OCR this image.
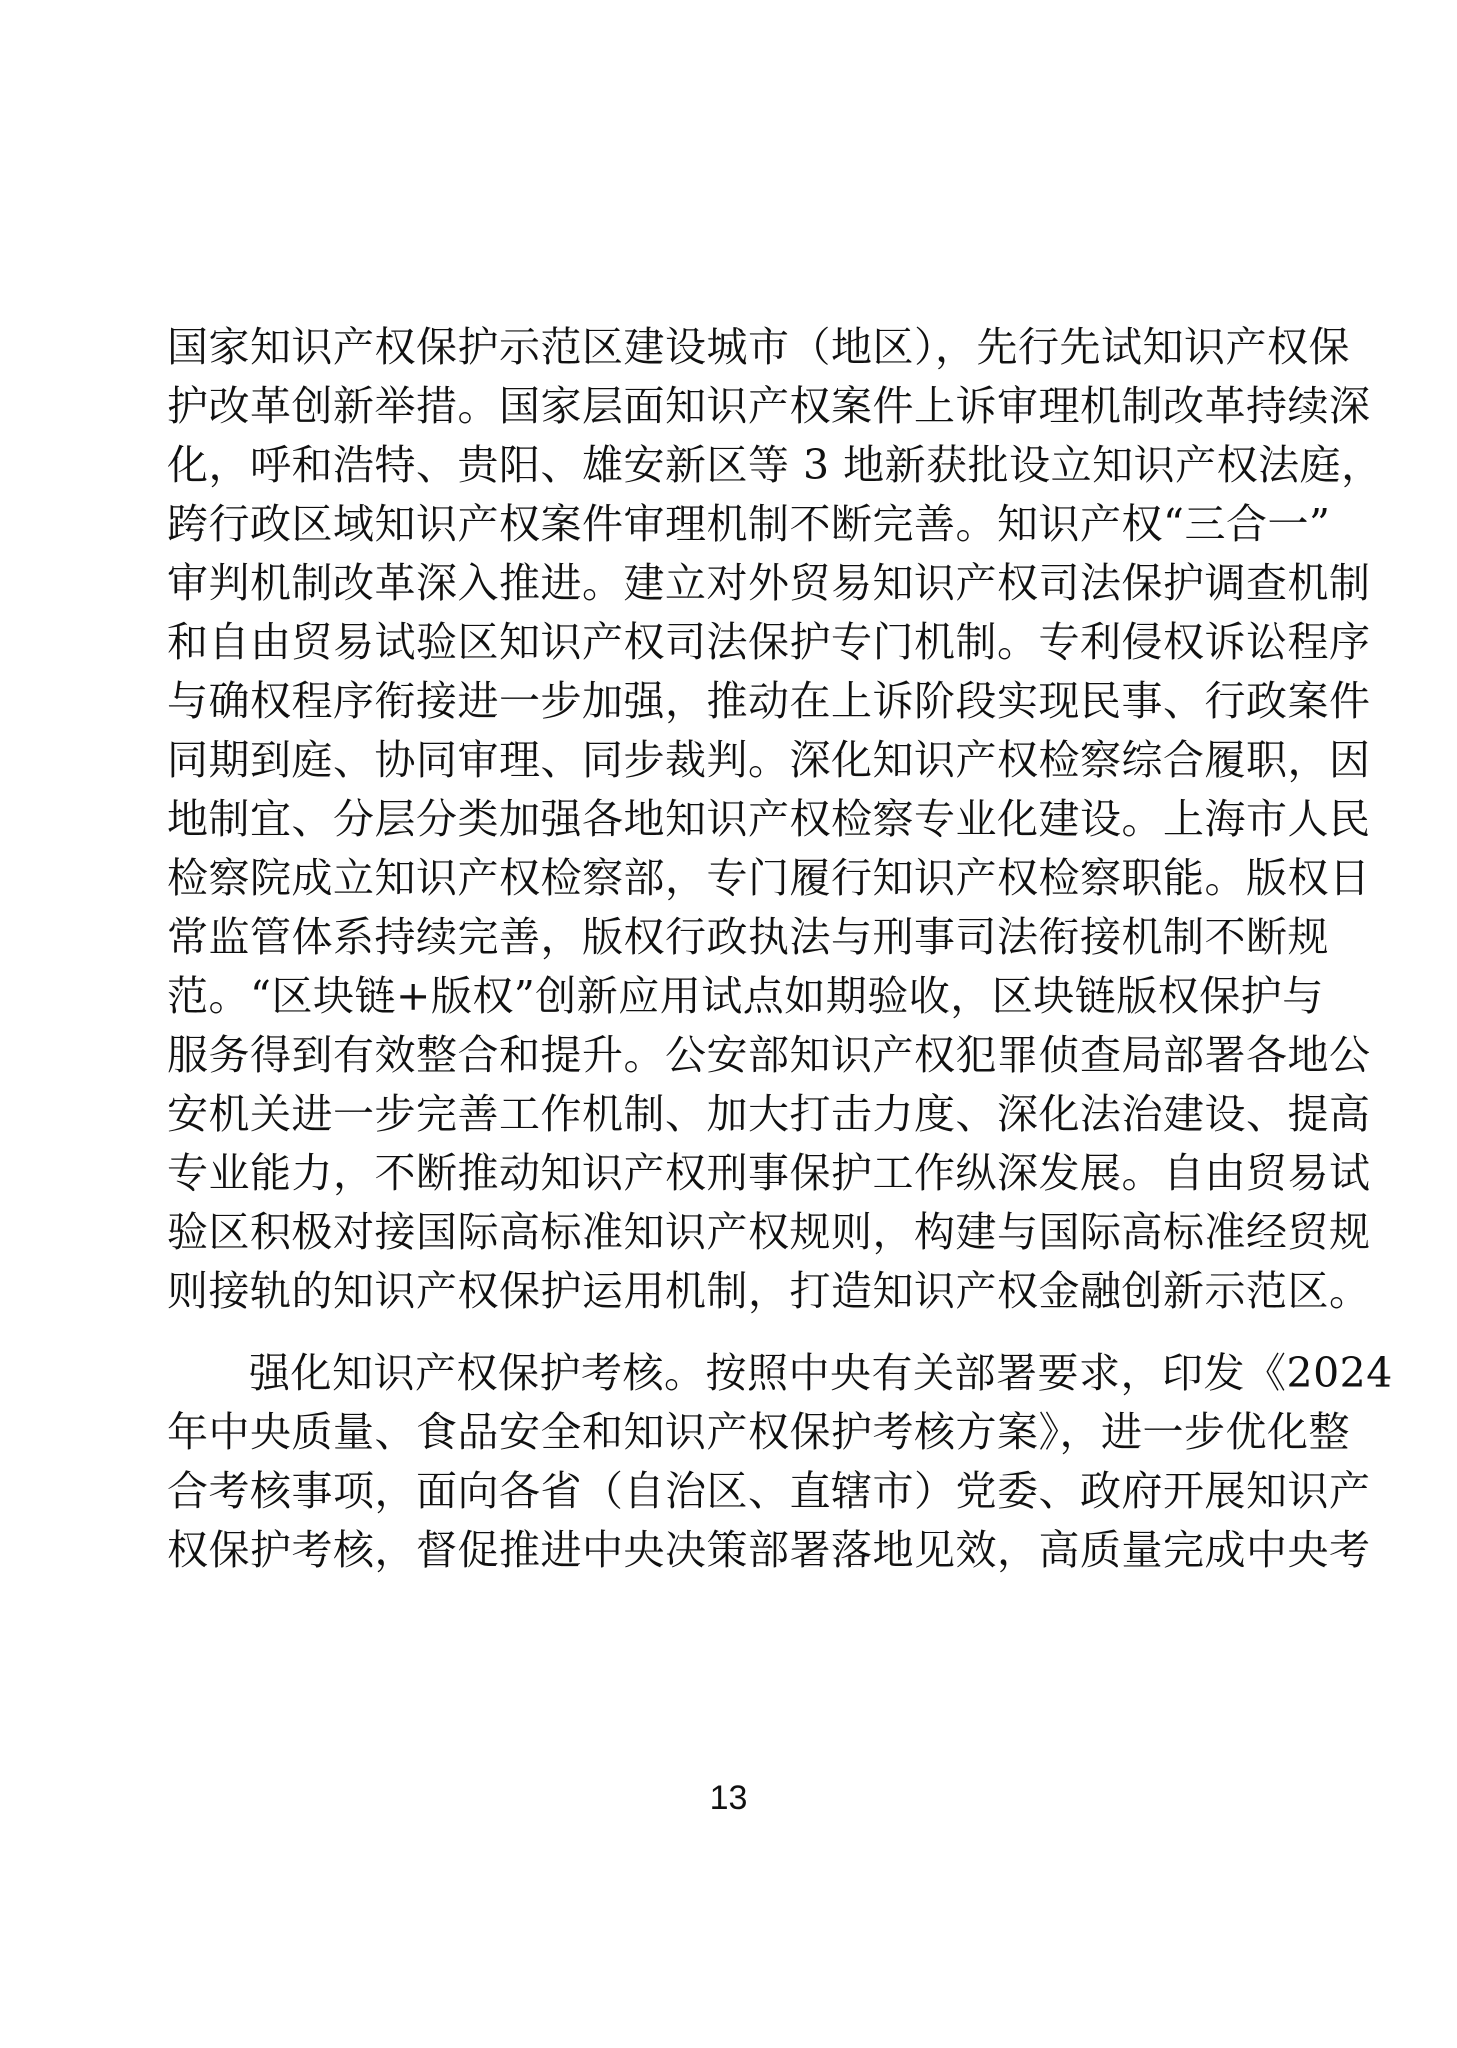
国家知识产权保护示范区建设城市（地区），先行先试知识产权保
护改革创新举措。国家层面知识产权案件上诉审理机制改革持续深
化，呼和浩特、贵阳、雄安新区等 3 地新获批设立知识产权法庭，
跨行政区域知识产权案件审理机制不断完善。知识产权“三合一”
审判机制改革深入推进。建立对外贸易知识产权司法保护调查机制
和自由贸易试验区知识产权司法保护专门机制。专利侵权诉讼程序
与确权程序衔接进一步加强，推动在上诉阶段实现民事、行政案件
同期到庭、协同审理、同步裁判。深化知识产权检察综合履职，因
地制宜、分层分类加强各地知识产权检察专业化建设。上海市人民
检察院成立知识产权检察部，专门履行知识产权检察职能。版权日
常监管体系持续完善，版权行政执法与刑事司法衔接机制不断规
范。“区块链+版权”创新应用试点如期验收，区块链版权保护与
服务得到有效整合和提升。公安部知识产权犯罪侦查局部署各地公
安机关进一步完善工作机制、加大打击力度、深化法治建设、提高
专业能力，不断推动知识产权刑事保护工作纵深发展。自由贸易试
验区积极对接国际高标准知识产权规则，构建与国际高标准经贸规
则接轨的知识产权保护运用机制，打造知识产权金融创新示范区。
强化知识产权保护考核。按照中央有关部署要求，印发《2024
年中央质量、食品安全和知识产权保护考核方案》，进一步优化整
合考核事项，面向各省（自治区、直辖市）党委、政府开展知识产
权保护考核，督促推进中央决策部署落地见效，高质量完成中央考
13
